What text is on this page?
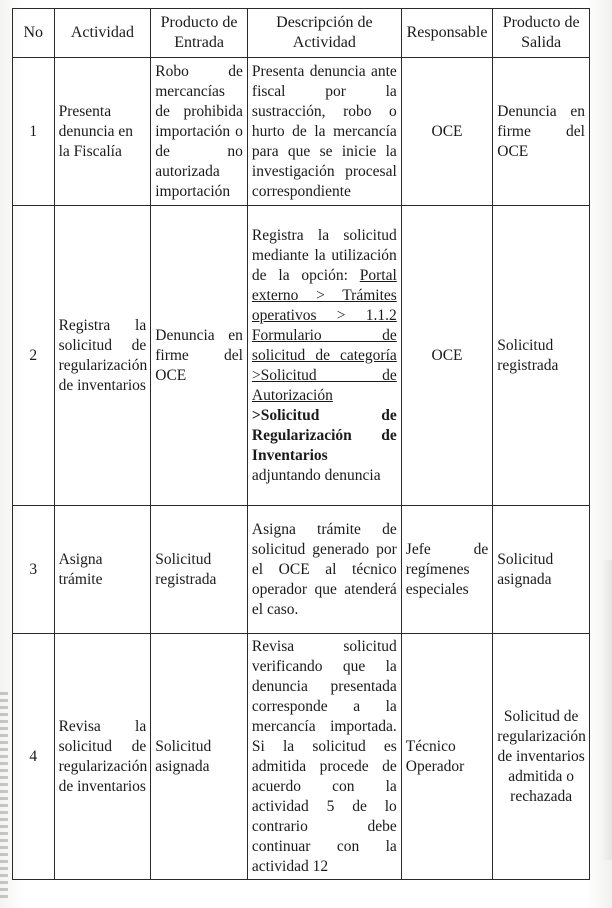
No	Actividad	Producto de Entrada	Descripción de Actividad	Responsable	Producto de Salida
1	Presenta denuncia en la Fiscalía	Robo de mercancías de prohibida importación o de no autorizada importación	Presenta denuncia ante fiscal por la sustracción, robo o hurto de la mercancía para que se inicie la investigación procesal correspondiente	OCE	Denuncia en firme del OCE
2	Registra la solicitud de regularización de inventarios	Denuncia en firme del OCE	Registra la solicitud mediante la utilización de la opción: Portal externo > Trámites operativos > 1.1.2 Formulario de solicitud de categoría >Solicitud de Autorización >Solicitud de Regularización de Inventarios adjuntando denuncia	OCE	Solicitud registrada
3	Asigna trámite	Solicitud registrada	Asigna trámite de solicitud generado por el OCE al técnico operador que atenderá el caso.	Jefe de regímenes especiales	Solicitud asignada
4	Revisa la solicitud de regularización de inventarios	Solicitud asignada	Revisa solicitud verificando que la denuncia presentada corresponde a la mercancía importada. Si la solicitud es admitida procede de acuerdo con la actividad 5 de lo contrario debe continuar con la actividad 12	Técnico Operador	Solicitud de regularización de inventarios admitida o rechazada
